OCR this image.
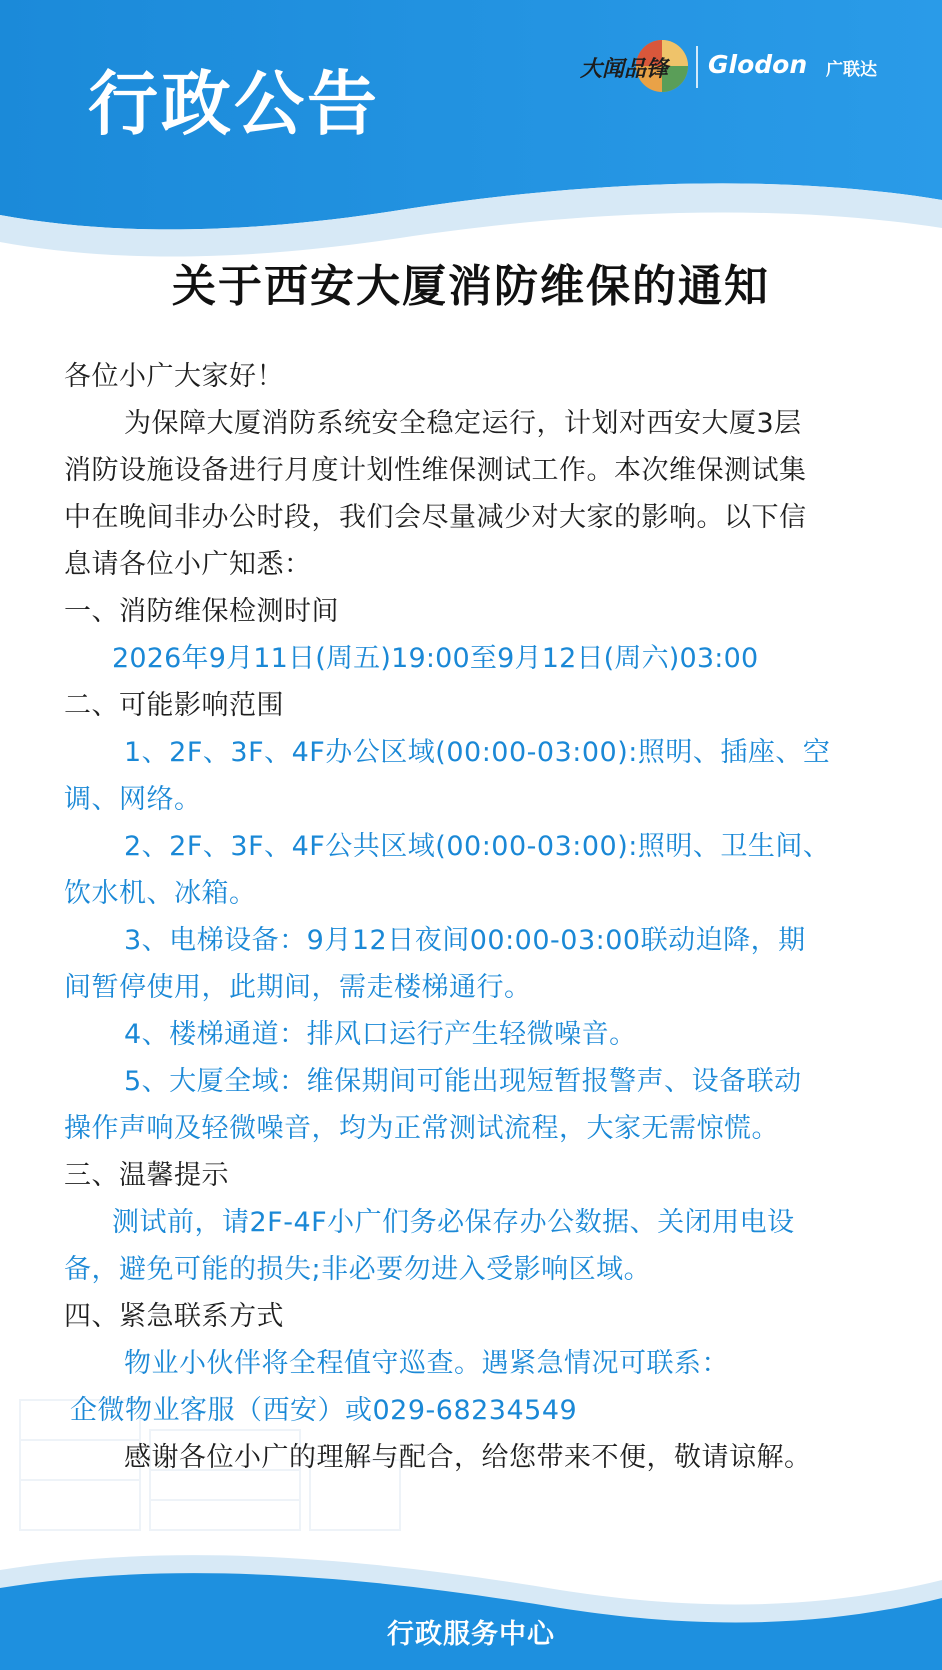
行政公告	大闻品锋 Glodon 广联达
关于西安大厦消防维保的通知
各位小广大家好！
为保障大厦消防系统安全稳定运行，计划对西安大厦3层
消防设施设备进行月度计划性维保测试工作。本次维保测试集
中在晚间非办公时段，我们会尽量减少对大家的影响。以下信
息请各位小广知悉：
一、消防维保检测时间
2026年9月11日(周五)19:00至9月12日(周六)03:00
二、可能影响范围
1、2F、3F、4F办公区域(00:00-03:00):照明、插座、空
调、网络。
2、2F、3F、4F公共区域(00:00-03:00):照明、卫生间、
饮水机、冰箱。
3、电梯设备：9月12日夜间00:00-03:00联动迫降，期
间暂停使用，此期间，需走楼梯通行。
4、楼梯通道：排风口运行产生轻微噪音。
5、大厦全域：维保期间可能出现短暂报警声、设备联动
操作声响及轻微噪音，均为正常测试流程，大家无需惊慌。
三、温馨提示
测试前，请2F-4F小广们务必保存办公数据、关闭用电设
备，避免可能的损失;非必要勿进入受影响区域。
四、紧急联系方式
物业小伙伴将全程值守巡查。遇紧急情况可联系：
企微物业客服（西安）或029-68234549
感谢各位小广的理解与配合，给您带来不便，敬请谅解。
行政服务中心
